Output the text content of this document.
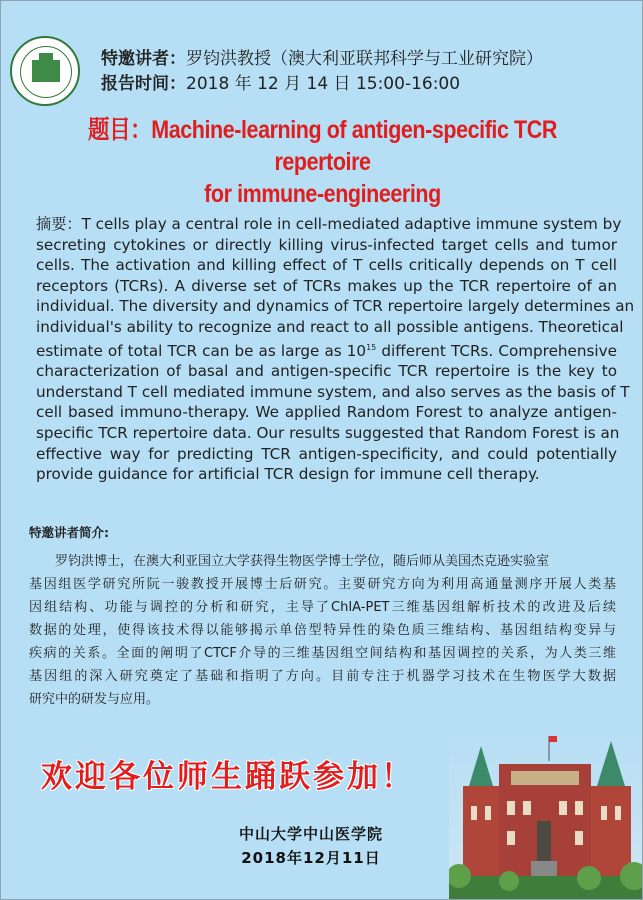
特邀讲者：罗钧洪教授（澳大利亚联邦科学与工业研究院）
报告时间：2018 年 12 月 14 日 15:00-16:00
题目：Machine-learning of antigen-specific TCR repertoire
for immune-engineering
摘要：T cells play a central role in cell-mediated adaptive immune system by
secreting cytokines or directly killing virus-infected target cells and tumor
cells. The activation and killing effect of T cells critically depends on T cell
receptors (TCRs). A diverse set of TCRs makes up the TCR repertoire of an
individual. The diversity and dynamics of TCR repertoire largely determines an
individual's ability to recognize and react to all possible antigens. Theoretical
estimate of total TCR can be as large as $10^{15}$ different TCRs. Comprehensive
characterization of basal and antigen-specific TCR repertoire is the key to
understand T cell mediated immune system, and also serves as the basis of T
cell based immuno-therapy. We applied Random Forest to analyze antigen-
specific TCR repertoire data. Our results suggested that Random Forest is an
effective way for predicting TCR antigen-specificity, and could potentially
provide guidance for artificial TCR design for immune cell therapy.
特邀讲者简介:
　　罗钧洪博士，在澳大利亚国立大学获得生物医学博士学位，随后师从美国杰克逊实验室
基因组医学研究所阮一骏教授开展博士后研究。主要研究方向为利用高通量测序开展人类基
因组结构、功能与调控的分析和研究，主导了ChIA-PET三维基因组解析技术的改进及后续
数据的处理，使得该技术得以能够揭示单倍型特异性的染色质三维结构、基因组结构变异与
疾病的关系。全面的阐明了CTCF介导的三维基因组空间结构和基因调控的关系，为人类三维
基因组的深入研究奠定了基础和指明了方向。目前专注于机器学习技术在生物医学大数据
研究中的研发与应用。
欢迎各位师生踊跃参加！
中山大学中山医学院
2018年12月11日
